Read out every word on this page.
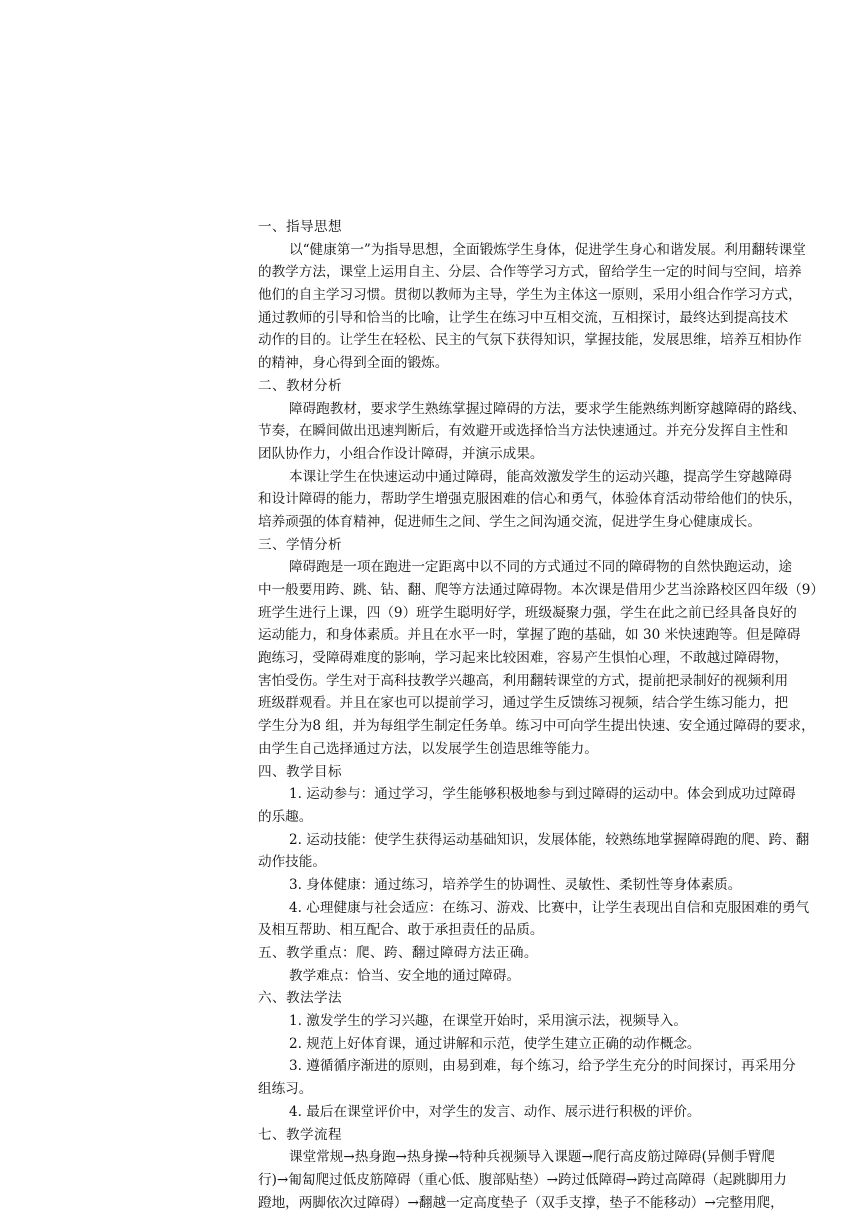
一、指导思想
以“健康第一”为指导思想，全面锻炼学生身体，促进学生身心和谐发展。利用翻转课堂
的教学方法，课堂上运用自主、分层、合作等学习方式，留给学生一定的时间与空间，培养
他们的自主学习习惯。贯彻以教师为主导，学生为主体这一原则，采用小组合作学习方式，
通过教师的引导和恰当的比喻，让学生在练习中互相交流，互相探讨，最终达到提高技术
动作的目的。让学生在轻松、民主的气氛下获得知识，掌握技能，发展思维，培养互相协作
的精神，身心得到全面的锻炼。
二、教材分析
障碍跑教材，要求学生熟练掌握过障碍的方法，要求学生能熟练判断穿越障碍的路线、
节奏，在瞬间做出迅速判断后，有效避开或选择恰当方法快速通过。并充分发挥自主性和
团队协作力，小组合作设计障碍，并演示成果。
本课让学生在快速运动中通过障碍，能高效激发学生的运动兴趣，提高学生穿越障碍
和设计障碍的能力，帮助学生增强克服困难的信心和勇气，体验体育活动带给他们的快乐，
培养顽强的体育精神，促进师生之间、学生之间沟通交流，促进学生身心健康成长。
三、学情分析
障碍跑是一项在跑进一定距离中以不同的方式通过不同的障碍物的自然快跑运动，途
中一般要用跨、跳、钻、翻、爬等方法通过障碍物。本次课是借用少艺当涂路校区四年级（9）
班学生进行上课，四（9）班学生聪明好学，班级凝聚力强，学生在此之前已经具备良好的
运动能力，和身体素质。并且在水平一时，掌握了跑的基础，如 30 米快速跑等。但是障碍
跑练习，受障碍难度的影响，学习起来比较困难，容易产生惧怕心理，不敢越过障碍物，
害怕受伤。学生对于高科技教学兴趣高，利用翻转课堂的方式，提前把录制好的视频利用
班级群观看。并且在家也可以提前学习，通过学生反馈练习视频，结合学生练习能力，把
学生分为8 组，并为每组学生制定任务单。练习中可向学生提出快速、安全通过障碍的要求，
由学生自己选择通过方法，以发展学生创造思维等能力。
四、教学目标
1. 运动参与：通过学习，学生能够积极地参与到过障碍的运动中。体会到成功过障碍
的乐趣。
2. 运动技能：使学生获得运动基础知识，发展体能，较熟练地掌握障碍跑的爬、跨、翻
动作技能。
3. 身体健康：通过练习，培养学生的协调性、灵敏性、柔韧性等身体素质。
4. 心理健康与社会适应：在练习、游戏、比赛中，让学生表现出自信和克服困难的勇气
及相互帮助、相互配合、敢于承担责任的品质。
五、教学重点：爬、跨、翻过障碍方法正确。
教学难点：恰当、安全地的通过障碍。
六、教法学法
1. 激发学生的学习兴趣，在课堂开始时，采用演示法，视频导入。
2. 规范上好体育课，通过讲解和示范，使学生建立正确的动作概念。
3. 遵循循序渐进的原则，由易到难，每个练习，给予学生充分的时间探讨，再采用分
组练习。
4. 最后在课堂评价中，对学生的发言、动作、展示进行积极的评价。
七、教学流程
课堂常规→热身跑→热身操→特种兵视频导入课题→爬行高皮筋过障碍(异侧手臂爬
行)→匍匐爬过低皮筋障碍（重心低、腹部贴垫）→跨过低障碍→跨过高障碍（起跳脚用力
蹬地，两脚依次过障碍）→翻越一定高度垫子（双手支撑，垫子不能移动）→完整用爬，
